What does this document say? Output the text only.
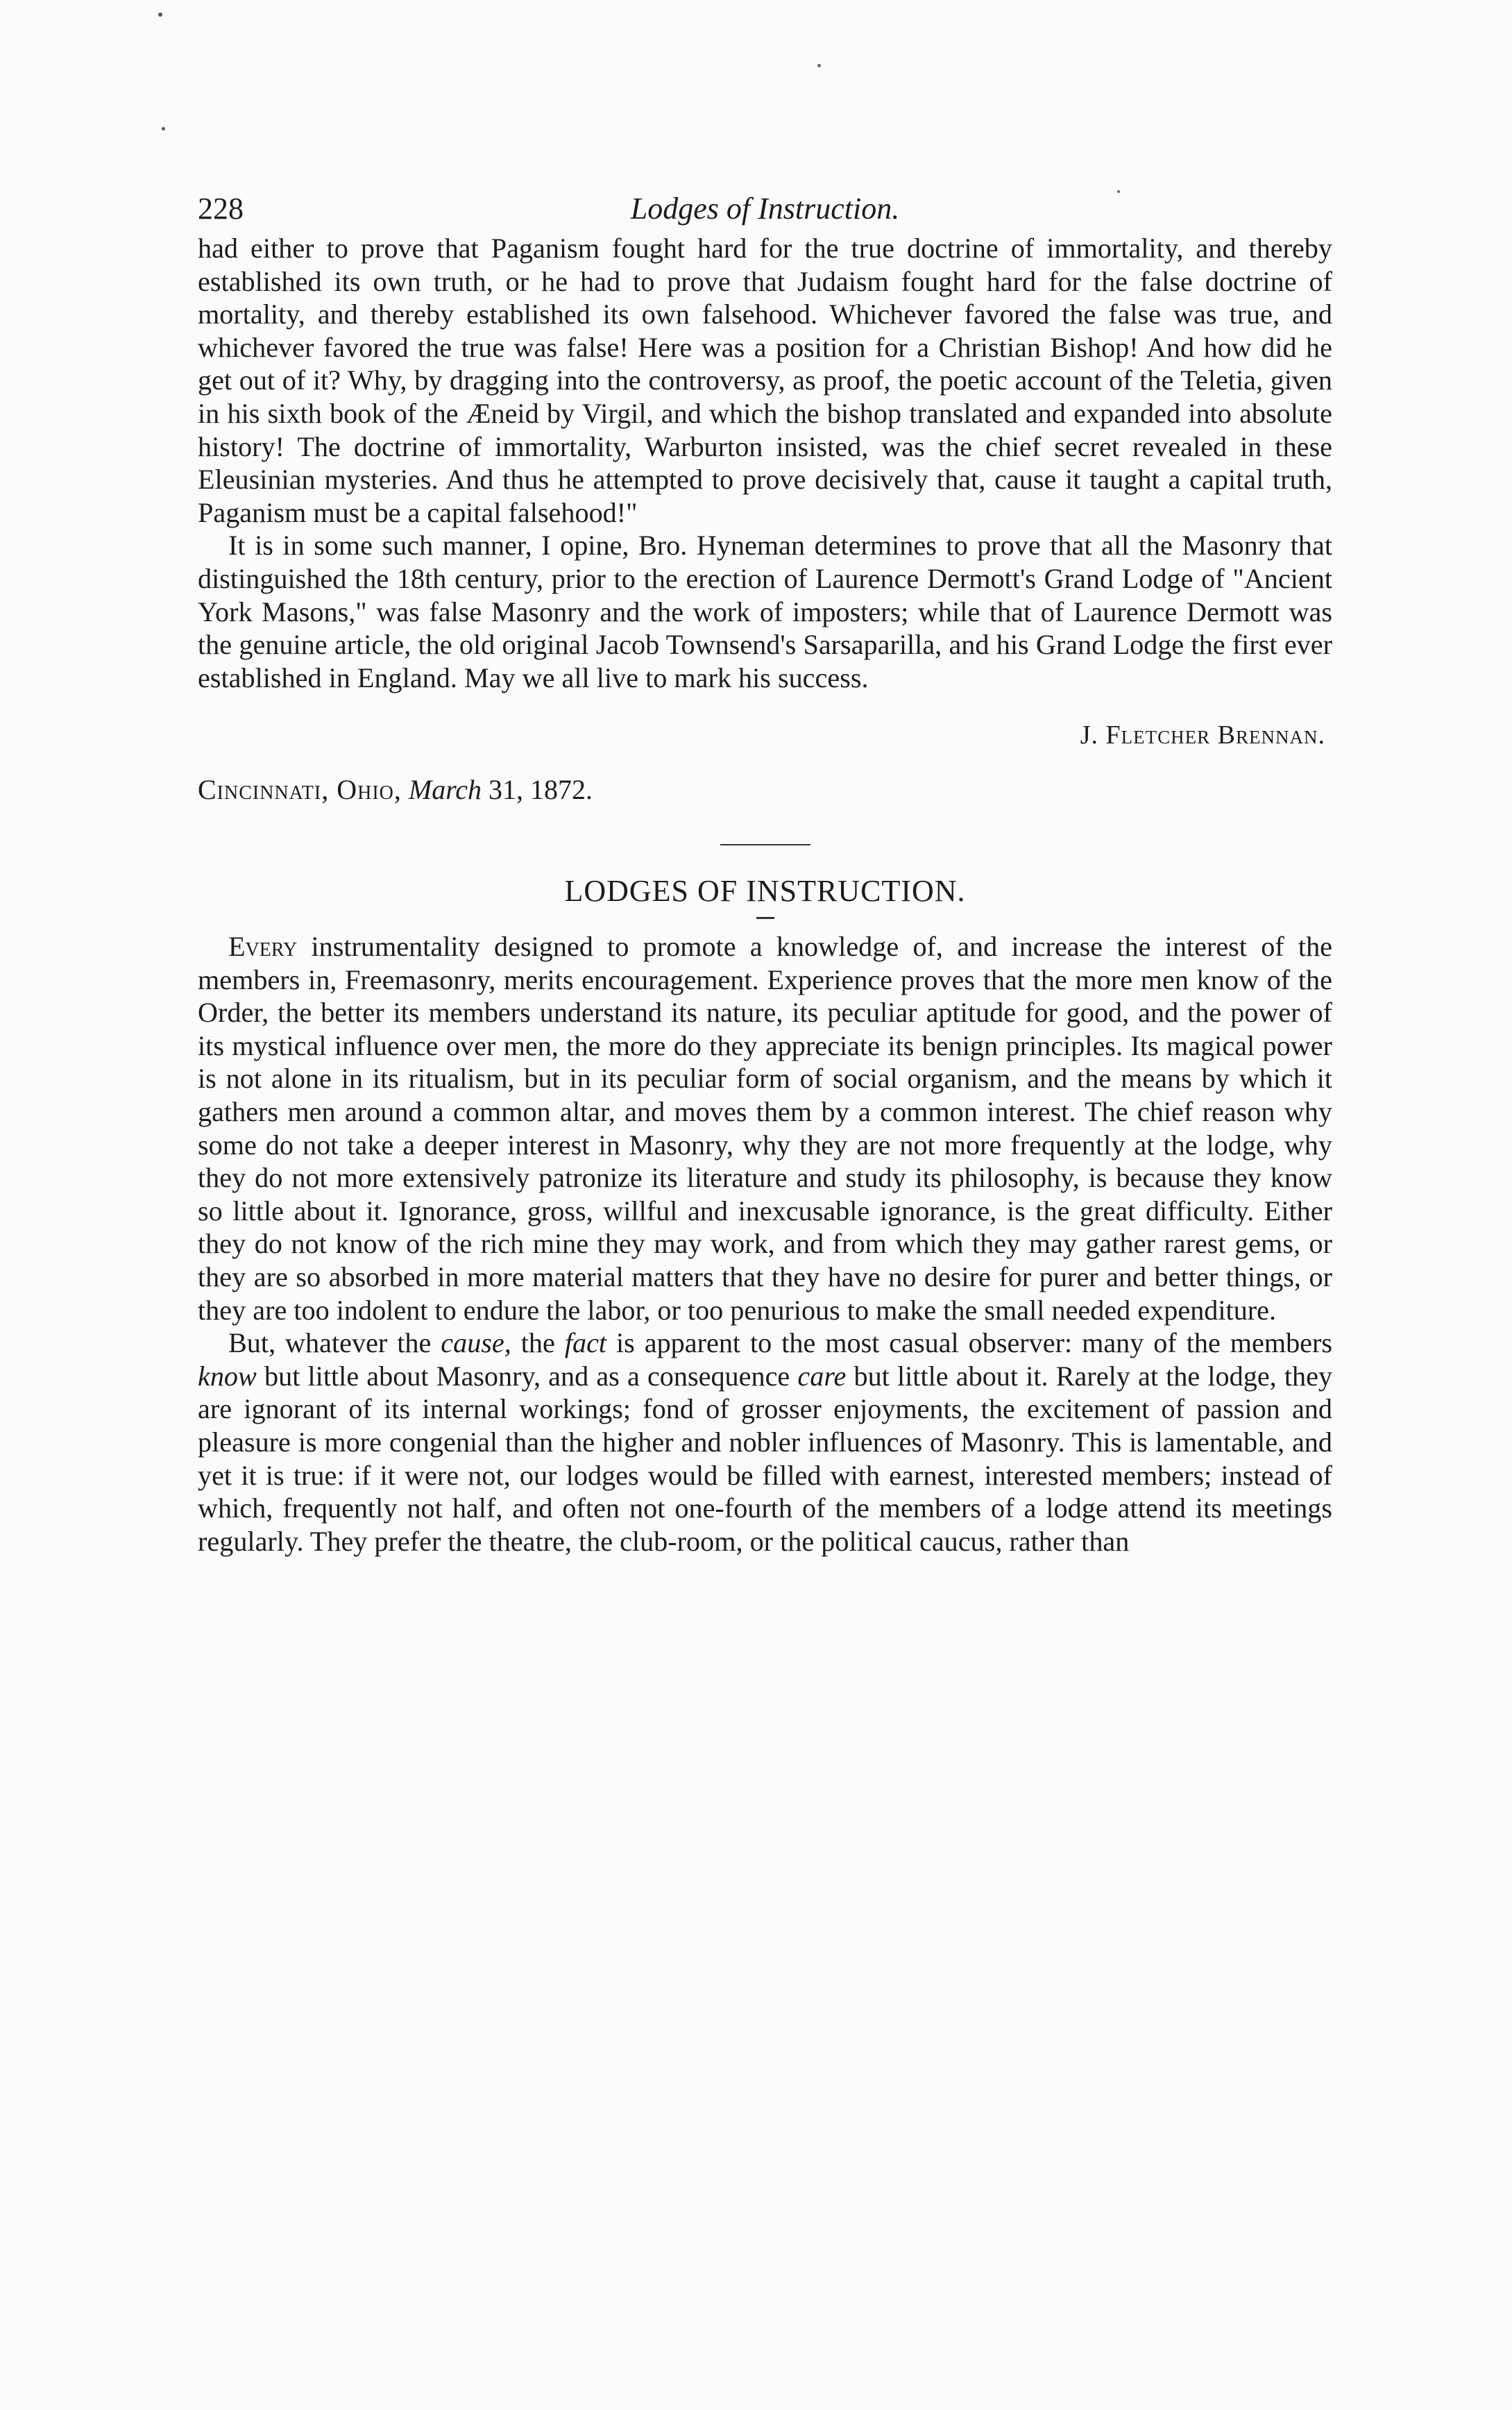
228	Lodges of Instruction.

had either to prove that Paganism fought hard for the true doctrine of immortality, and thereby established its own truth, or he had to prove that Judaism fought hard for the false doctrine of mortality, and thereby established its own falsehood. Whichever favored the false was true, and whichever favored the true was false! Here was a position for a Christian Bishop! And how did he get out of it? Why, by dragging into the controversy, as proof, the poetic account of the Teletia, given in his sixth book of the Æneid by Virgil, and which the bishop translated and expanded into absolute history! The doctrine of immortality, Warburton insisted, was the chief secret revealed in these Eleusinian mysteries. And thus he attempted to prove decisively that, cause it taught a capital truth, Paganism must be a capital falsehood!"

It is in some such manner, I opine, Bro. Hyneman determines to prove that all the Masonry that distinguished the 18th century, prior to the erection of Laurence Dermott's Grand Lodge of "Ancient York Masons," was false Masonry and the work of imposters; while that of Laurence Dermott was the genuine article, the old original Jacob Townsend's Sarsaparilla, and his Grand Lodge the first ever established in England. May we all live to mark his success.

J. Fletcher Brennan.
Cincinnati, Ohio, March 31, 1872.
LODGES OF INSTRUCTION.

Every instrumentality designed to promote a knowledge of, and increase the interest of the members in, Freemasonry, merits encouragement. Experience proves that the more men know of the Order, the better its members understand its nature, its peculiar aptitude for good, and the power of its mystical influence over men, the more do they appreciate its benign principles. Its magical power is not alone in its ritualism, but in its peculiar form of social organism, and the means by which it gathers men around a common altar, and moves them by a common interest. The chief reason why some do not take a deeper interest in Masonry, why they are not more frequently at the lodge, why they do not more extensively patronize its literature and study its philosophy, is because they know so little about it. Ignorance, gross, willful and inexcusable ignorance, is the great difficulty. Either they do not know of the rich mine they may work, and from which they may gather rarest gems, or they are so absorbed in more material matters that they have no desire for purer and better things, or they are too indolent to endure the labor, or too penurious to make the small needed expenditure.

But, whatever the cause, the fact is apparent to the most casual observer: many of the members know but little about Masonry, and as a consequence care but little about it. Rarely at the lodge, they are ignorant of its internal workings; fond of grosser enjoyments, the excitement of passion and pleasure is more congenial than the higher and nobler influences of Masonry. This is lamentable, and yet it is true: if it were not, our lodges would be filled with earnest, interested members; instead of which, frequently not half, and often not one-fourth of the members of a lodge attend its meetings regularly. They prefer the theatre, the club-room, or the political caucus, rather than
